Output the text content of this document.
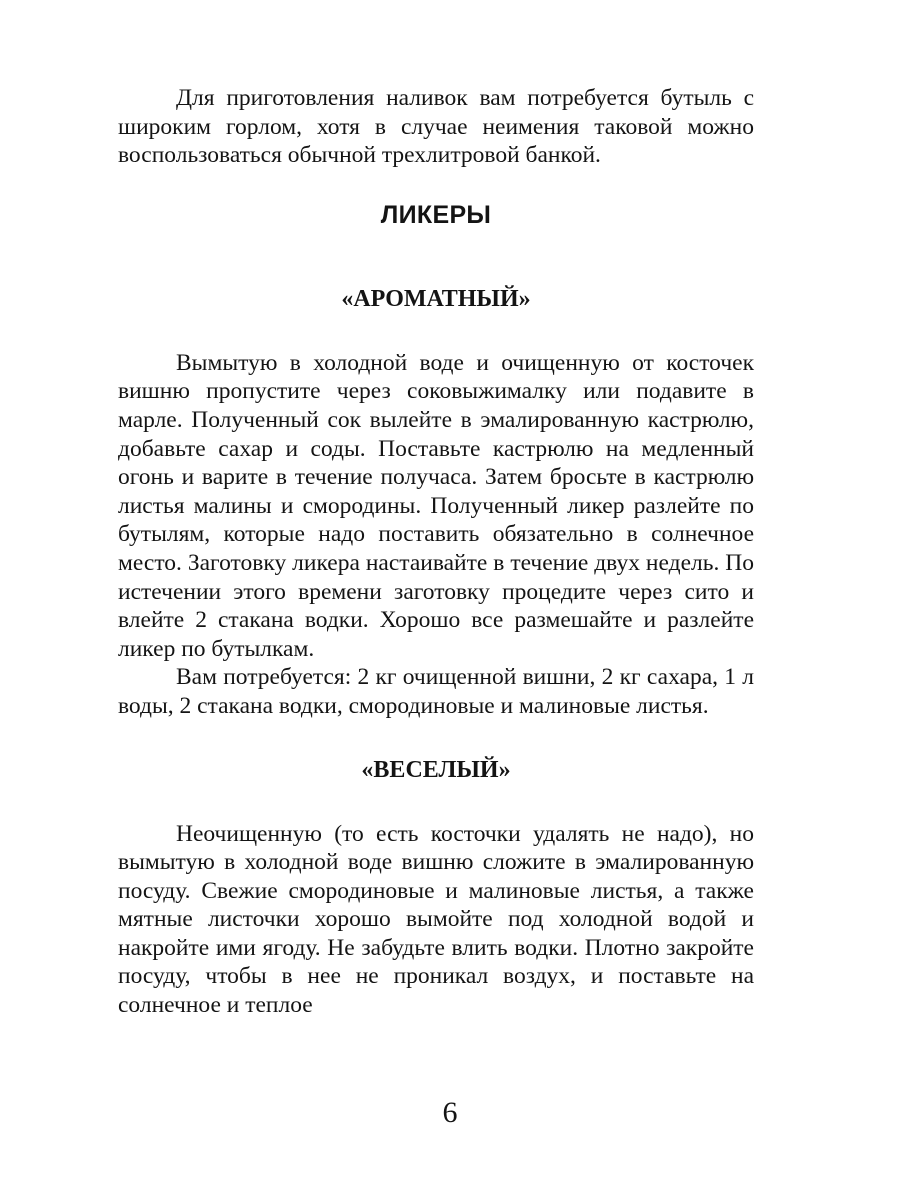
Для приготовления наливок вам потребуется бутыль с широким горлом, хотя в случае неимения таковой можно воспользоваться обычной трехлитровой банкой.

ЛИКЕРЫ
«АРОМАТНЫЙ»

Вымытую в холодной воде и очищенную от косточек вишню пропустите через соковыжималку или подавите в марле. Полученный сок вылейте в эмалированную кастрюлю, добавьте сахар и соды. Поставьте кастрюлю на медленный огонь и варите в течение получаса. Затем бросьте в кастрюлю листья малины и смородины. Полученный ликер разлейте по бутылям, которые надо поставить обязательно в солнечное место. Заготовку ликера настаивайте в течение двух недель. По истечении этого времени заготовку процедите через сито и влейте 2 стакана водки. Хорошо все размешайте и разлейте ликер по бутылкам.

Вам потребуется: 2 кг очищенной вишни, 2 кг сахара, 1 л воды, 2 стакана водки, смородиновые и малиновые листья.

«ВЕСЕЛЫЙ»

Неочищенную (то есть косточки удалять не надо), но вымытую в холодной воде вишню сложите в эмалированную посуду. Свежие смородиновые и малиновые листья, а также мятные листочки хорошо вымойте под холодной водой и накройте ими ягоду. Не забудьте влить водки. Плотно закройте посуду, чтобы в нее не проникал воздух, и поставьте на солнечное и теплое

6
